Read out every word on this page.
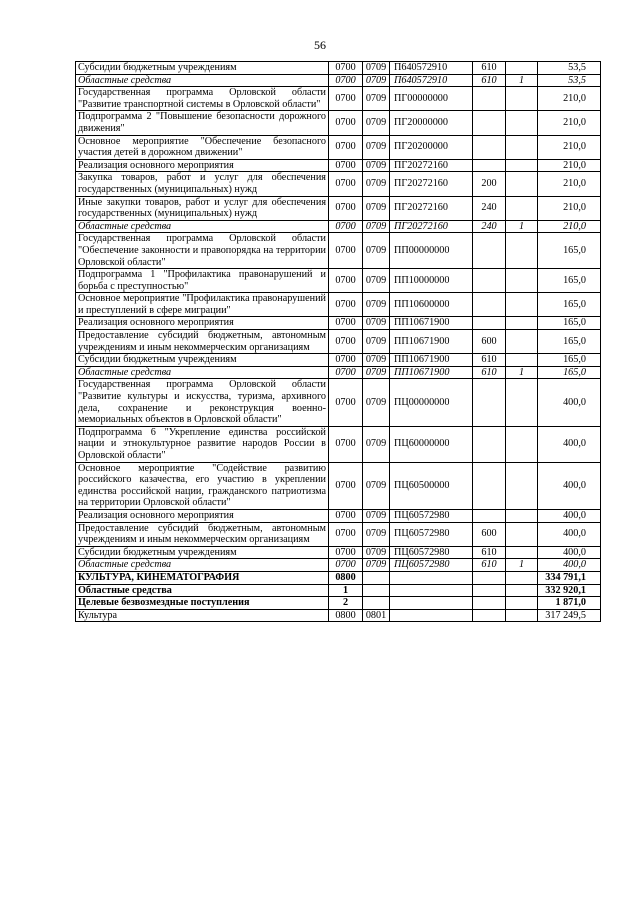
56
Субсидии бюджетным учреждениям	0700	0709	П640572910	610		53,5
Областные средства	0700	0709	П640572910	610	1	53,5
Государственная программа Орловской области "Развитие транспортной системы в Орловской области"	0700	0709	ПГ00000000			210,0
Подпрограмма 2 "Повышение безопасности дорожного движения"	0700	0709	ПГ20000000			210,0
Основное мероприятие "Обеспечение безопасного участия детей в дорожном движении"	0700	0709	ПГ20200000			210,0
Реализация основного мероприятия	0700	0709	ПГ20272160			210,0
Закупка товаров, работ и услуг для обеспечения государственных (муниципальных) нужд	0700	0709	ПГ20272160	200		210,0
Иные закупки товаров, работ и услуг для обеспечения государственных (муниципальных) нужд	0700	0709	ПГ20272160	240		210,0
Областные средства	0700	0709	ПГ20272160	240	1	210,0
Государственная программа Орловской области "Обеспечение законности и правопорядка на территории Орловской области"	0700	0709	ПП00000000			165,0
Подпрограмма 1 "Профилактика правонарушений и борьба с преступностью"	0700	0709	ПП10000000			165,0
Основное мероприятие "Профилактика правонарушений и преступлений в сфере миграции"	0700	0709	ПП10600000			165,0
Реализация основного мероприятия	0700	0709	ПП10671900			165,0
Предоставление субсидий бюджетным, автономным учреждениям и иным некоммерческим организациям	0700	0709	ПП10671900	600		165,0
Субсидии бюджетным учреждениям	0700	0709	ПП10671900	610		165,0
Областные средства	0700	0709	ПП10671900	610	1	165,0
Государственная программа Орловской области "Развитие культуры и искусства, туризма, архивного дела, сохранение и реконструкция военно-мемориальных объектов в Орловской области"	0700	0709	ПЦ00000000			400,0
Подпрограмма 6 "Укрепление единства российской нации и этнокультурное развитие народов России в Орловской области"	0700	0709	ПЦ60000000			400,0
Основное мероприятие "Содействие развитию российского казачества, его участию в укреплении единства российской нации, гражданского патриотизма на территории Орловской области"	0700	0709	ПЦ60500000			400,0
Реализация основного мероприятия	0700	0709	ПЦ60572980			400,0
Предоставление субсидий бюджетным, автономным учреждениям и иным некоммерческим организациям	0700	0709	ПЦ60572980	600		400,0
Субсидии бюджетным учреждениям	0700	0709	ПЦ60572980	610		400,0
Областные средства	0700	0709	ПЦ60572980	610	1	400,0
КУЛЬТУРА, КИНЕМАТОГРАФИЯ	0800					334 791,1
Областные средства	1					332 920,1
Целевые безвозмездные поступления	2					1 871,0
Культура	0800	0801				317 249,5
